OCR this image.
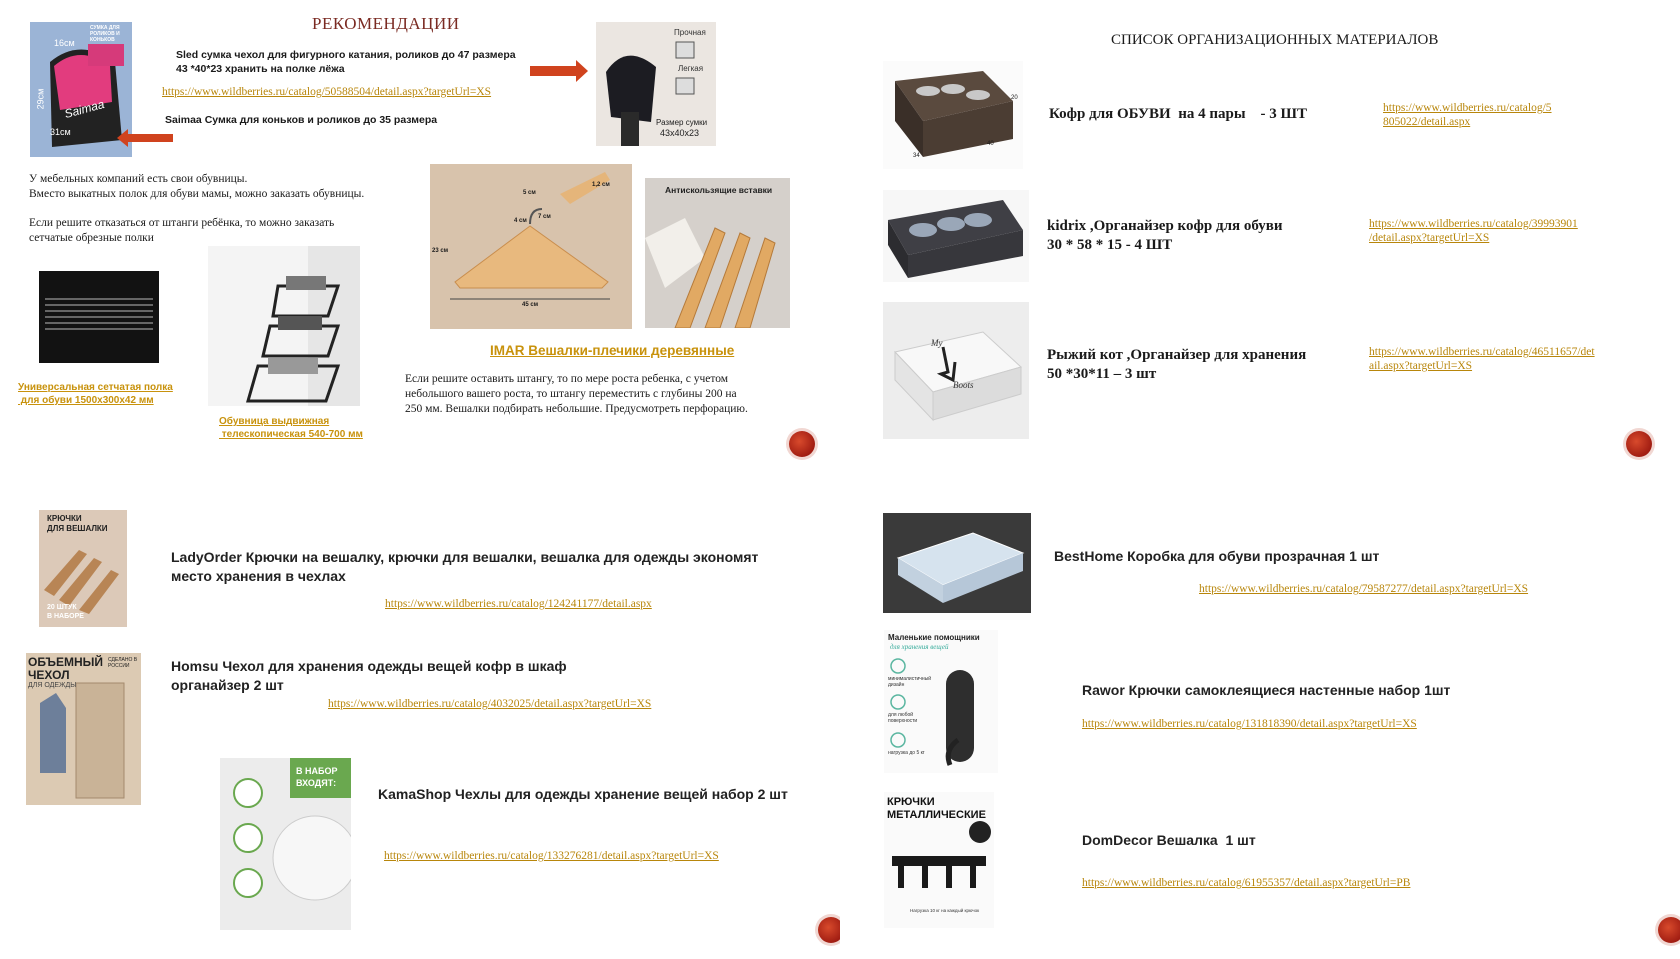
РЕКОМЕНДАЦИИ
СУМКА ДЛЯ РОЛИКОВ И КОНЬКОВ
16см
29см
31см
Saimaa
Sled сумка чехол для фигурного катания, роликов до 47 размера
43 *40*23 хранить на полке лёжа
https://www.wildberries.ru/catalog/50588504/detail.aspx?targetUrl=XS
Saimaa Сумка для коньков и роликов до 35 размера
Прочная
Легкая
Размер сумки
43х40х23
У мебельных компаний есть свои обувницы.
Вместо выкатных полок для обуви мамы, можно заказать обувницы.
Если решите отказаться от штанги ребёнка, то можно заказать
сетчатые обрезные полки
Универсальная сетчатая полка
для обуви 1500х300х42 мм
Обувница выдвижная
телескопическая 540-700 мм
5 см
1,2 см
7 см
23 см
45 см
4 см
Антискользящие вставки
IMAR Вешалки-плечики деревянные
Если решите оставить штангу, то по мере роста ребенка, с учетом
небольшого вашего роста, то штангу переместить с глубины 200 на
250 мм. Вешалки подбирать небольшие. Предусмотреть перфорацию.
СПИСОК ОРГАНИЗАЦИОННЫХ МАТЕРИАЛОВ
20
40
34
Кофр для ОБУВИ  на 4 пары    - 3 ШТ	https://www.wildberries.ru/catalog/5
805022/detail.aspx
kidrix ,Органайзер кофр для обуви
30 * 58 * 15 - 4 ШТ
https://www.wildberries.ru/catalog/39993901
/detail.aspx?targetUrl=XS
My
Boots
Рыжий кот ,Органайзер для хранения
50 *30*11 – 3 шт
https://www.wildberries.ru/catalog/46511657/det
ail.aspx?targetUrl=XS
КРЮЧКИ
ДЛЯ ВЕШАЛКИ
20 ШТУК
В НАБОРЕ
LadyOrder Крючки на вешалку, крючки для вешалки, вешалка для одежды экономят
место хранения в чехлах
https://www.wildberries.ru/catalog/124241177/detail.aspx
ОБЪЕМНЫЙ
ЧЕХОЛ
ДЛЯ ОДЕЖДЫ
СДЕЛАНО В РОССИИ	Homsu Чехол для хранения одежды вещей кофр в шкаф
органайзер 2 шт
https://www.wildberries.ru/catalog/4032025/detail.aspx?targetUrl=XS
В НАБОР
ВХОДЯТ:
KamaShop Чехлы для одежды хранение вещей набор 2 шт
https://www.wildberries.ru/catalog/133276281/detail.aspx?targetUrl=XS
BestHome Коробка для обуви прозрачная 1 шт
https://www.wildberries.ru/catalog/79587277/detail.aspx?targetUrl=XS
Маленькие помощники
для хранения вещей
минималистичный дизайн
для любой поверхности
нагрузка до 5 кг
Rawor Крючки самоклеящиеся настенные набор 1шт
https://www.wildberries.ru/catalog/131818390/detail.aspx?targetUrl=XS
КРЮЧКИ
МЕТАЛЛИЧЕСКИЕ
Нагрузка 10 кг на каждый крючок
DomDecor Вешалка  1 шт
https://www.wildberries.ru/catalog/61955357/detail.aspx?targetUrl=PB
